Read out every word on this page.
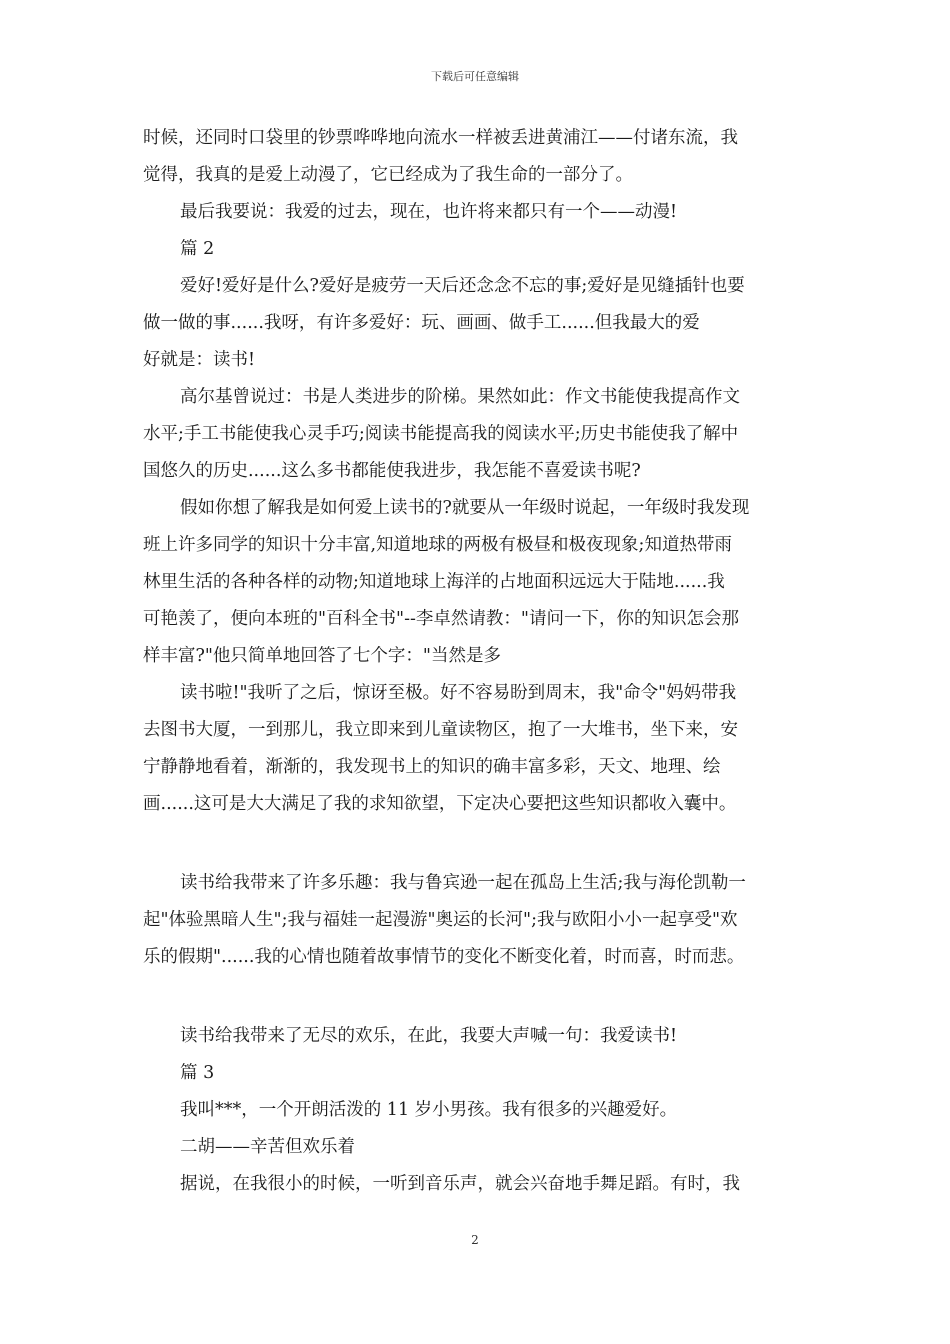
下载后可任意编辑
时候，还同时口袋里的钞票哗哗地向流水一样被丢进黄浦江——付诸东流，我
觉得，我真的是爱上动漫了，它已经成为了我生命的一部分了。
最后我要说：我爱的过去，现在，也许将来都只有一个——动漫!
篇 2
爱好!爱好是什么?爱好是疲劳一天后还念念不忘的事;爱好是见缝插针也要
做一做的事......我呀，有许多爱好：玩、画画、做手工......但我最大的爱
好就是：读书!
高尔基曾说过：书是人类进步的阶梯。果然如此：作文书能使我提高作文
水平;手工书能使我心灵手巧;阅读书能提高我的阅读水平;历史书能使我了解中
国悠久的历史......这么多书都能使我进步，我怎能不喜爱读书呢?
假如你想了解我是如何爱上读书的?就要从一年级时说起，一年级时我发现
班上许多同学的知识十分丰富,知道地球的两极有极昼和极夜现象;知道热带雨
林里生活的各种各样的动物;知道地球上海洋的占地面积远远大于陆地......我
可艳羡了，便向本班的"百科全书"--李卓然请教："请问一下，你的知识怎会那
样丰富?"他只简单地回答了七个字："当然是多
读书啦!"我听了之后，惊讶至极。好不容易盼到周末，我"命令"妈妈带我
去图书大厦，一到那儿，我立即来到儿童读物区，抱了一大堆书，坐下来，安
宁静静地看着，渐渐的，我发现书上的知识的确丰富多彩，天文、地理、绘
画......这可是大大满足了我的求知欲望，下定决心要把这些知识都收入囊中。
读书给我带来了许多乐趣：我与鲁宾逊一起在孤岛上生活;我与海伦凯勒一
起"体验黑暗人生";我与福娃一起漫游"奥运的长河";我与欧阳小小一起享受"欢
乐的假期"......我的心情也随着故事情节的变化不断变化着，时而喜，时而悲。
读书给我带来了无尽的欢乐，在此，我要大声喊一句：我爱读书!
篇 3
我叫***，一个开朗活泼的 11 岁小男孩。我有很多的兴趣爱好。
二胡——辛苦但欢乐着
据说，在我很小的时候，一听到音乐声，就会兴奋地手舞足蹈。有时，我
2
